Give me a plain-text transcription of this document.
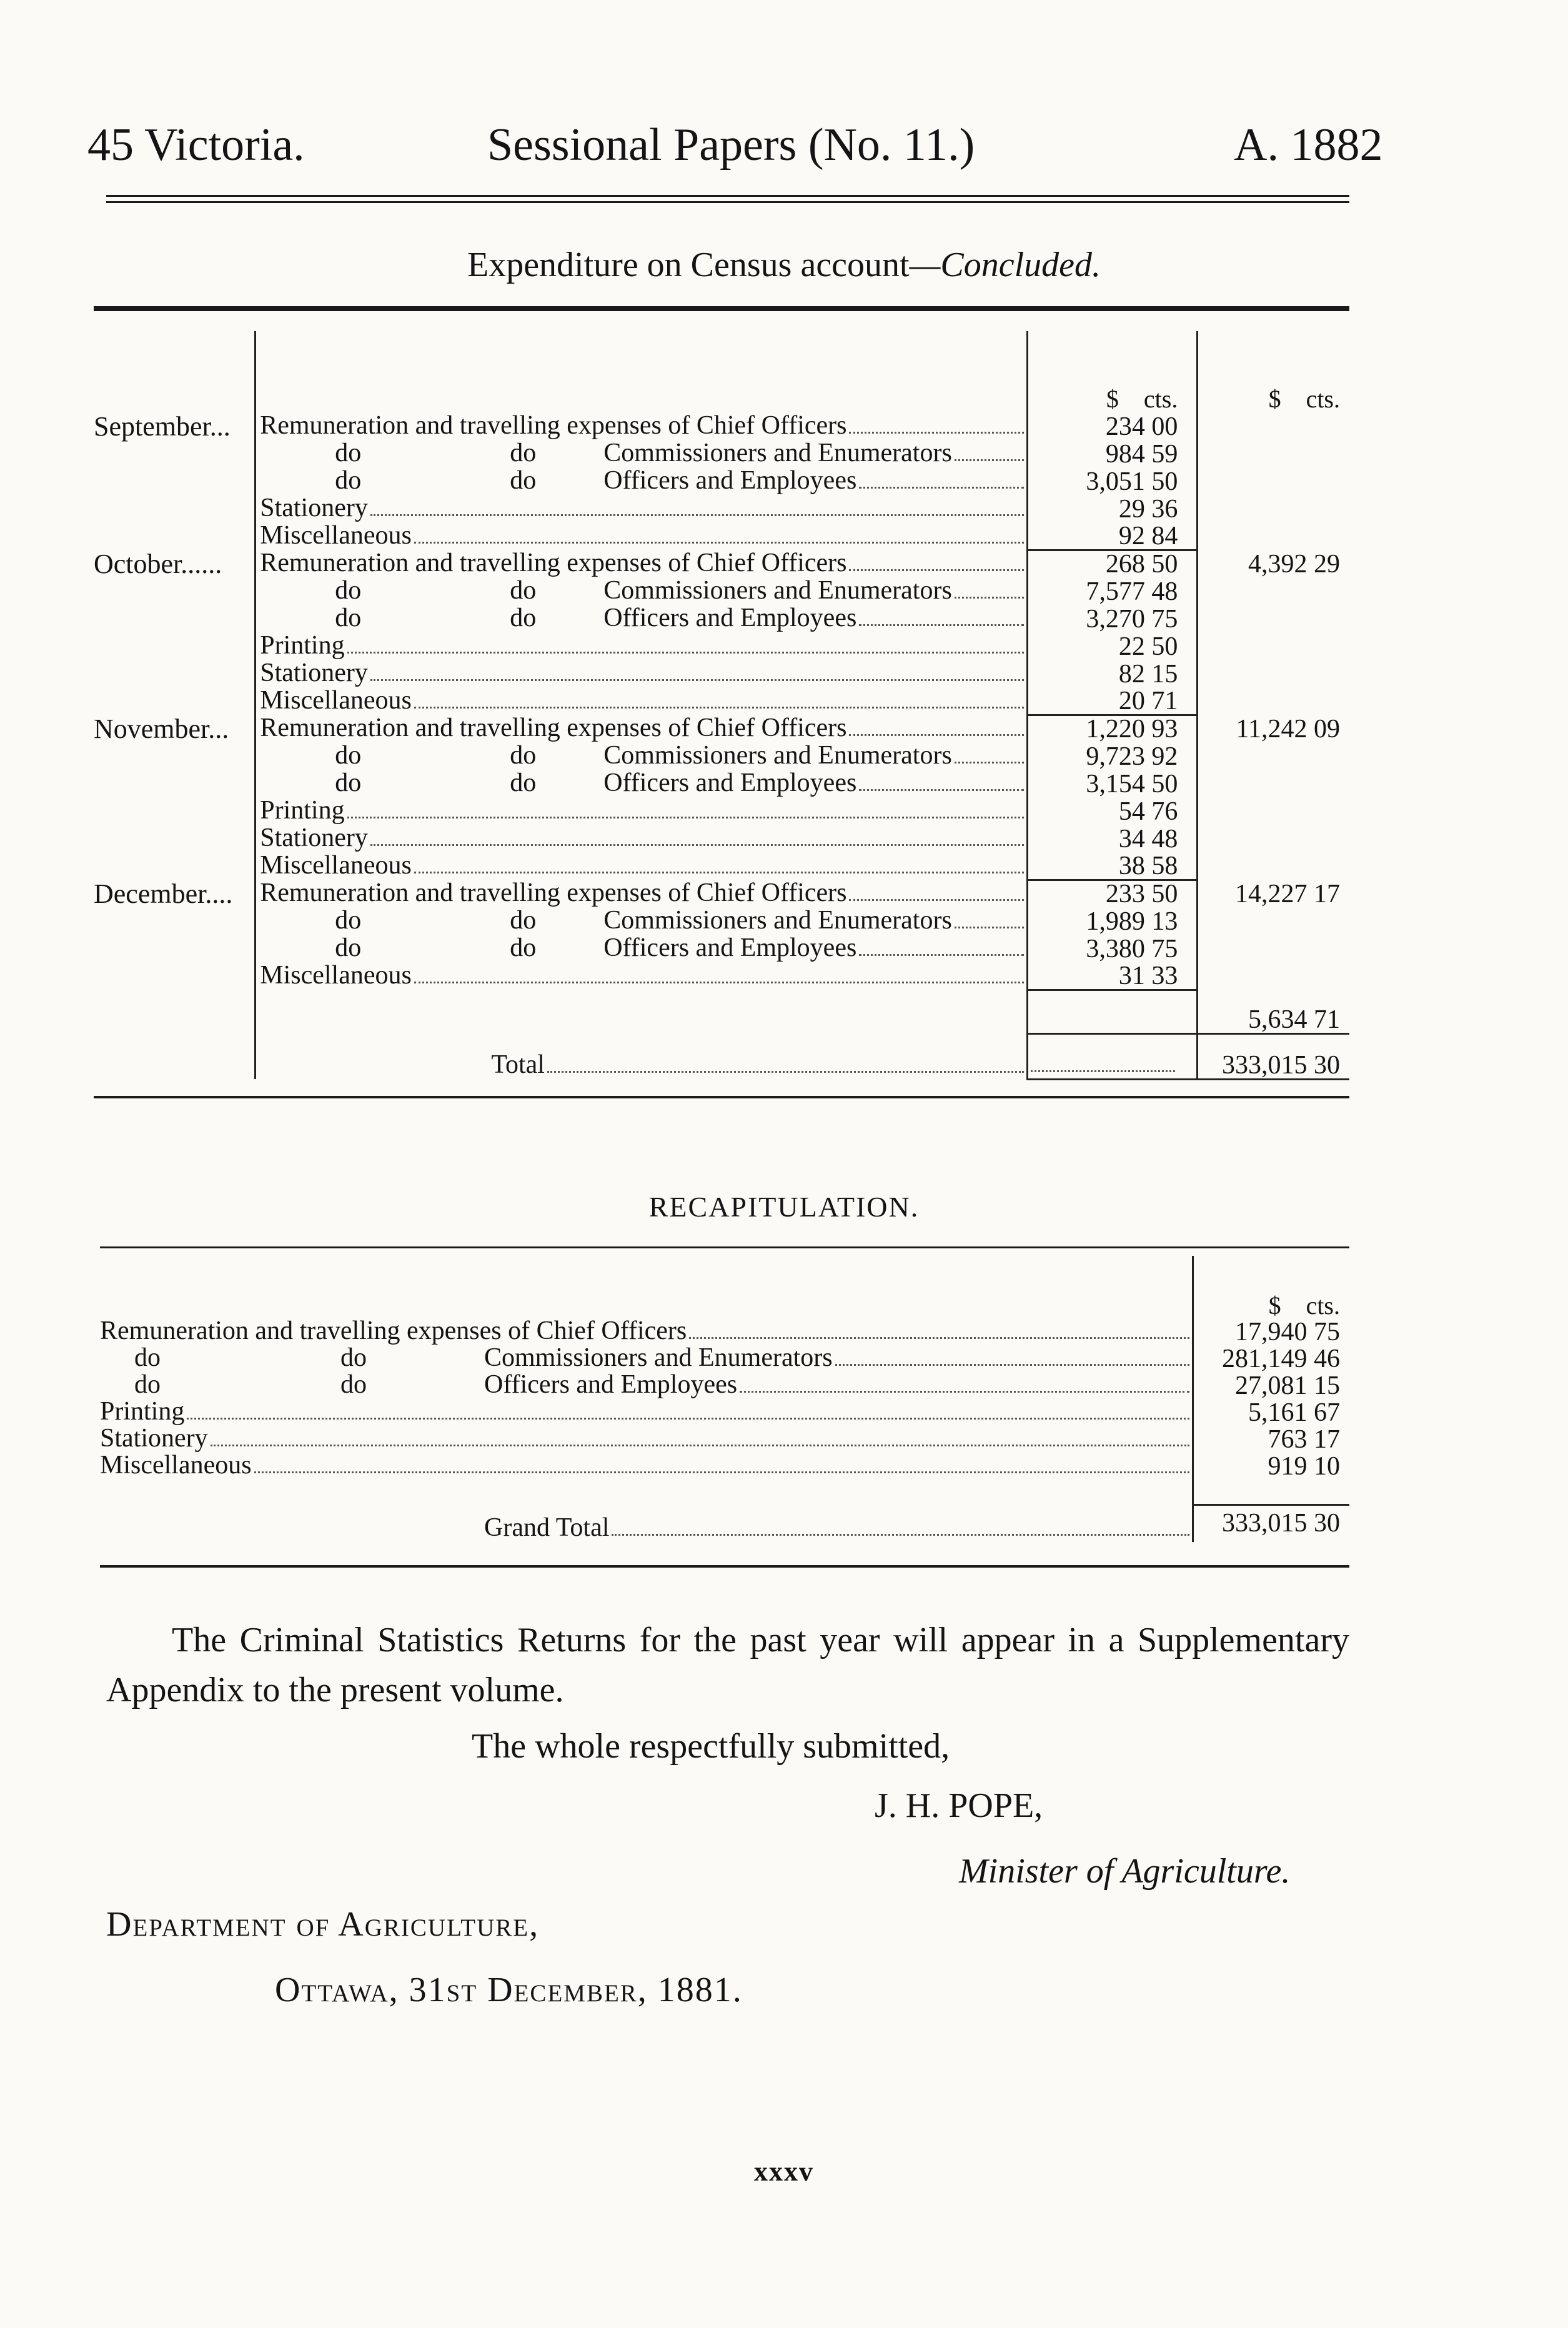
45 Victoria.	Sessional Papers (No. 11.)	A. 1882
Expenditure on Census account—Concluded.
		$  cts.	$  cts.
September...	Remuneration and travelling expenses of Chief Officers	234 00	

	do do Commissioners and Enumerators	984 59	

	do do Officers and Employees	3,051 50	

	Stationery	29 36	

	Miscellaneous	92 84	
October......	Remuneration and travelling expenses of Chief Officers	268 50	4,392 29

	do do Commissioners and Enumerators	7,577 48	

	do do Officers and Employees	3,270 75	

	Printing	22 50	

	Stationery	82 15	

	Miscellaneous	20 71	
November...	Remuneration and travelling expenses of Chief Officers	1,220 93	11,242 09

	do do Commissioners and Enumerators	9,723 92	

	do do Officers and Employees	3,154 50	

	Printing	54 76	

	Stationery	34 48	

	Miscellaneous	38 58	
December....	Remuneration and travelling expenses of Chief Officers	233 50	14,227 17

	do do Commissioners and Enumerators	1,989 13	

	do do Officers and Employees	3,380 75	

	Miscellaneous	31 33	
			5,634 71

	Total		333,015 30
RECAPITULATION.
	$  cts.

Remuneration and travelling expenses of Chief Officers	17,940 75

do do Commissioners and Enumerators	281,149 46

do do Officers and Employees	27,081 15

Printing	5,161 67

Stationery	763 17

Miscellaneous	919 10

Grand Total	333,015 30
The Criminal Statistics Returns for the past year will appear in a Supplementary Appendix to the present volume.
The whole respectfully submitted,
J. H. POPE,
Minister of Agriculture.
Department of Agriculture,
Ottawa, 31st December, 1881.
xxxv
